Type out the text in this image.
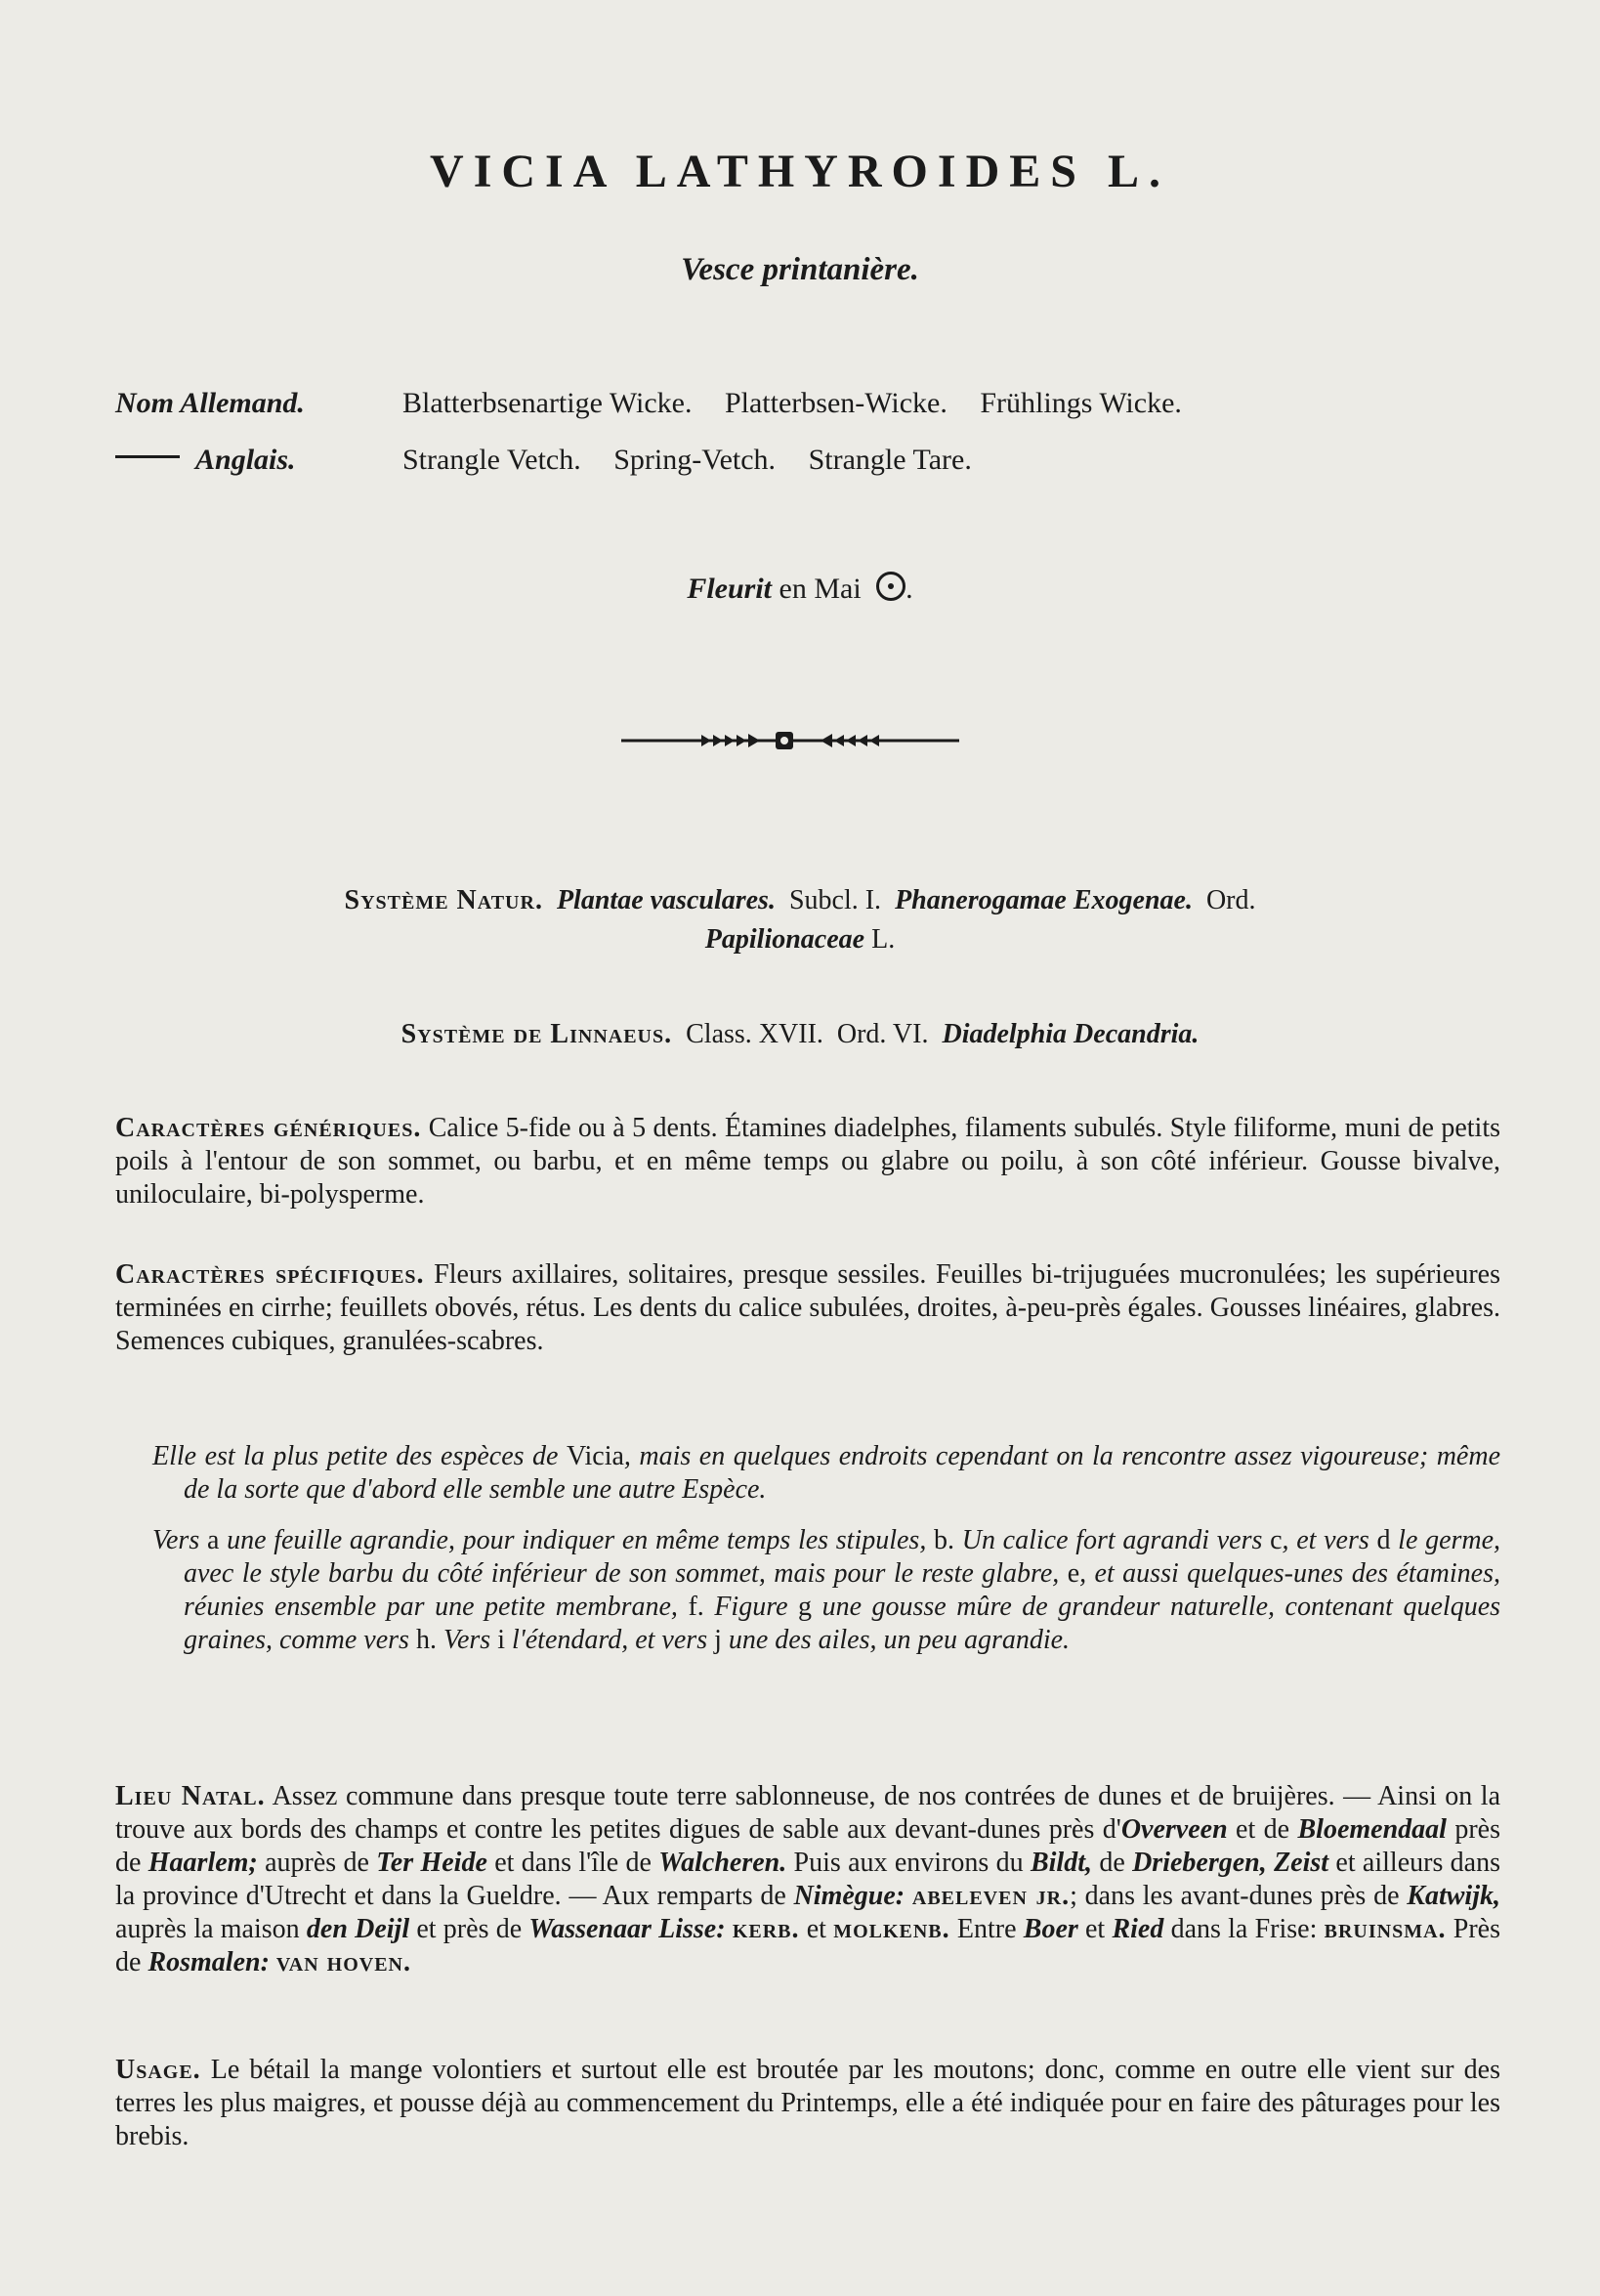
VICIA LATHYROIDES L.
Vesce printanière.
Nom Allemand.	Blatterbsenartige Wicke. Platterbsen-Wicke. Frühlings Wicke.
Anglais.	Strangle Vetch. Spring-Vetch. Strangle Tare.
Fleurit en Mai .
Système Natur. Plantae vasculares. Subcl. I. Phanerogamae Exogenae. Ord.
Papilionaceae L.
Système de Linnaeus. Class. XVII. Ord. VI. Diadelphia Decandria.
Caractères génériques. Calice 5-fide ou à 5 dents. Étamines diadelphes, filaments subulés. Style filiforme, muni de petits poils à l'entour de son sommet, ou barbu, et en même temps ou glabre ou poilu, à son côté inférieur. Gousse bivalve, uniloculaire, bi-polysperme.
Caractères spécifiques. Fleurs axillaires, solitaires, presque sessiles. Feuilles bi-trijuguées mucronulées; les supérieures terminées en cirrhe; feuillets obovés, rétus. Les dents du calice subulées, droites, à-peu-près égales. Gousses linéaires, glabres. Semences cubiques, granulées-scabres.

Elle est la plus petite des espèces de Vicia, mais en quelques endroits cependant on la rencontre assez vigoureuse; même de la sorte que d'abord elle semble une autre Espèce.

Vers a une feuille agrandie, pour indiquer en même temps les stipules, b. Un calice fort agrandi vers c, et vers d le germe, avec le style barbu du côté inférieur de son sommet, mais pour le reste glabre, e, et aussi quelques-unes des étamines, réunies ensemble par une petite membrane, f. Figure g une gousse mûre de grandeur naturelle, contenant quelques graines, comme vers h. Vers i l'étendard, et vers j une des ailes, un peu agrandie.

Lieu Natal. Assez commune dans presque toute terre sablonneuse, de nos contrées de dunes et de bruijères. — Ainsi on la trouve aux bords des champs et contre les petites digues de sable aux devant-dunes près d'Overveen et de Bloemendaal près de Haarlem; auprès de Ter Heide et dans l'île de Walcheren. Puis aux environs du Bildt, de Driebergen, Zeist et ailleurs dans la province d'Utrecht et dans la Gueldre. — Aux remparts de Nimègue: abeleven jr.; dans les avant-dunes près de Katwijk, auprès la maison den Deijl et près de Wassenaar Lisse: kerb. et molkenb. Entre Boer et Ried dans la Frise: bruinsma. Près de Rosmalen: van hoven.
Usage. Le bétail la mange volontiers et surtout elle est broutée par les moutons; donc, comme en outre elle vient sur des terres les plus maigres, et pousse déjà au commencement du Printemps, elle a été indiquée pour en faire des pâturages pour les brebis.
